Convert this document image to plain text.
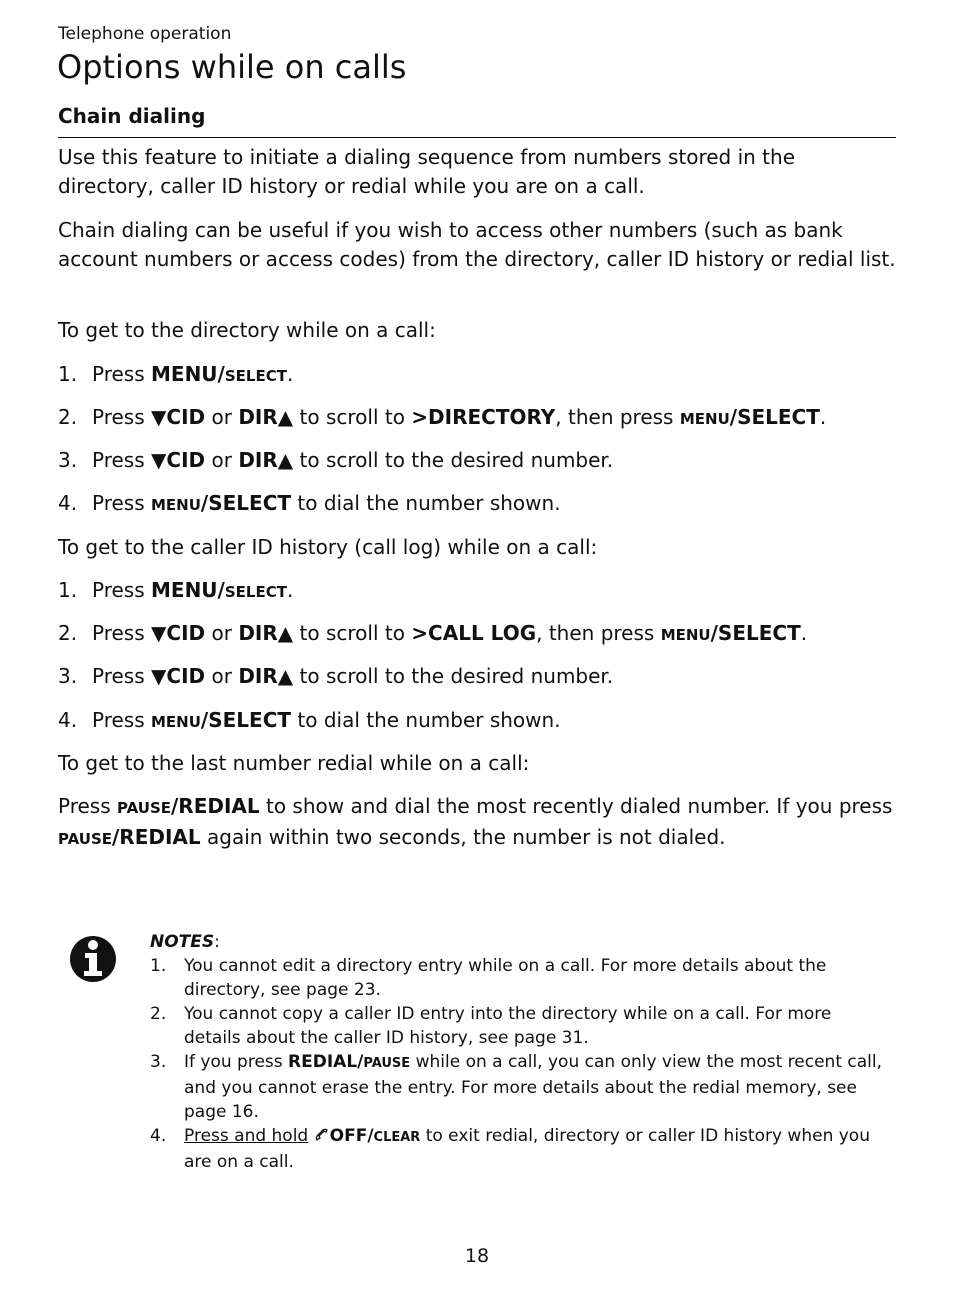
Telephone operation
Options while on calls
Chain dialing

Use this feature to initiate a dialing sequence from numbers stored in the directory, caller ID history or redial while you are on a call.

Chain dialing can be useful if you wish to access other numbers (such as bank account numbers or access codes) from the directory, caller ID history or redial list.

To get to the directory while on a call:

1. Press MENU/SELECT.
2. Press ▼CID or DIR▲ to scroll to >DIRECTORY, then press MENU/SELECT.
3. Press ▼CID or DIR▲ to scroll to the desired number.
4. Press MENU/SELECT to dial the number shown.

To get to the caller ID history (call log) while on a call:

1. Press MENU/SELECT.
2. Press ▼CID or DIR▲ to scroll to >CALL LOG, then press MENU/SELECT.
3. Press ▼CID or DIR▲ to scroll to the desired number.
4. Press MENU/SELECT to dial the number shown.

To get to the last number redial while on a call:

Press PAUSE/REDIAL to show and dial the most recently dialed number. If you press PAUSE/REDIAL again within two seconds, the number is not dialed.

NOTES:
1. You cannot edit a directory entry while on a call. For more details about the directory, see page 23.
2. You cannot copy a caller ID entry into the directory while on a call. For more details about the caller ID history, see page 31.
3. If you press REDIAL/PAUSE while on a call, you can only view the most recent call, and you cannot erase the entry. For more details about the redial memory, see page 16.
4. Press and hold OFF/CLEAR to exit redial, directory or caller ID history when you are on a call.
18
